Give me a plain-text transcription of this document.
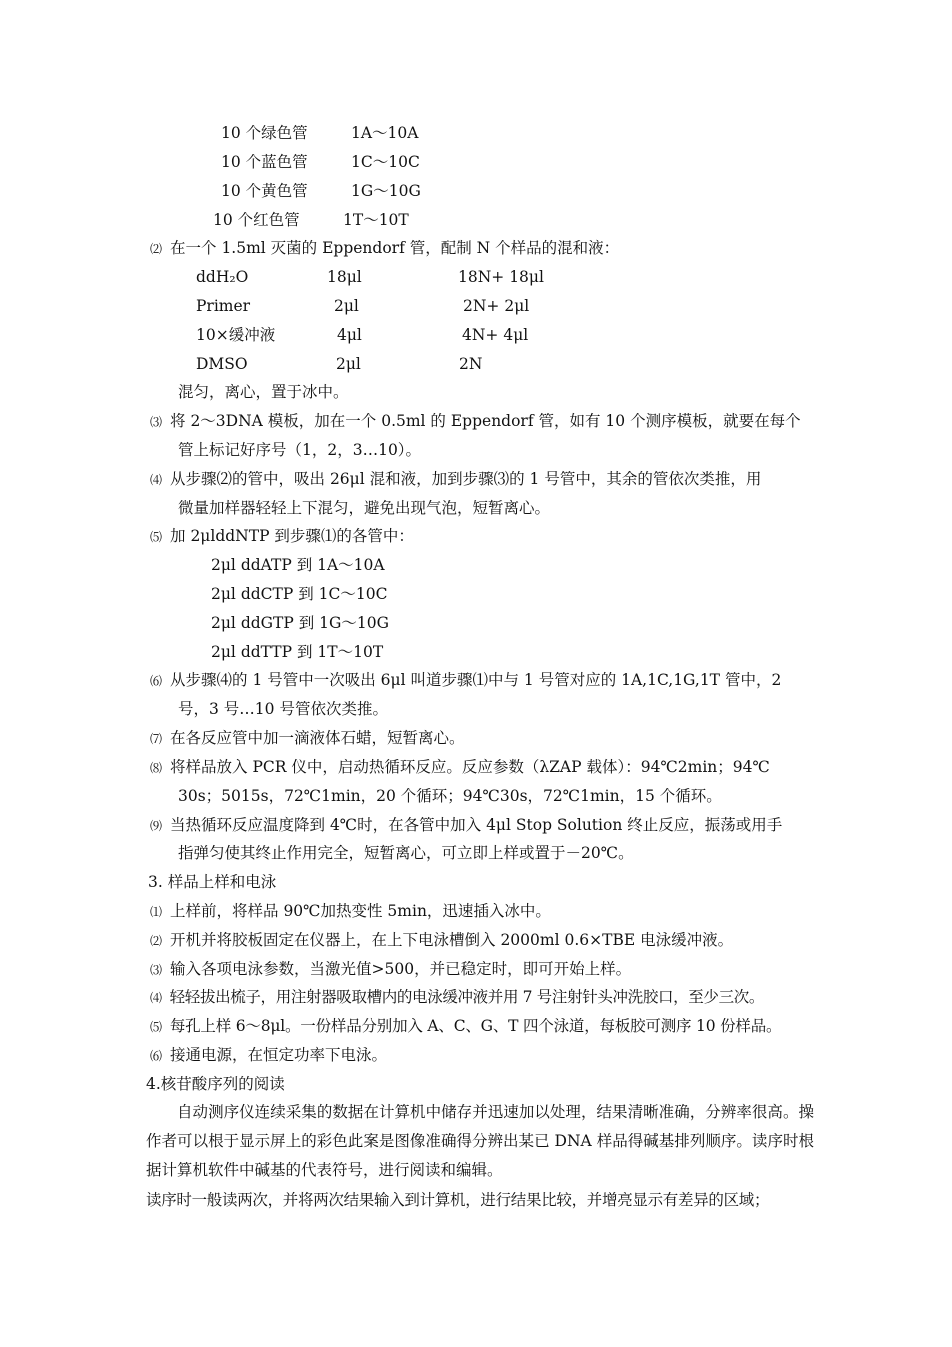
10 个绿色管	1A～10A
10 个蓝色管	1C～10C
10 个黄色管	1G～10G
10 个红色管	1T～10T
⑵ 在一个 1.5ml 灭菌的 Eppendorf 管，配制 N 个样品的混和液：
ddH₂O	18μl	18N+ 18μl
Primer	2μl	2N+ 2μl
10×缓冲液	4μl	4N+ 4μl
DMSO	2μl	2N
混匀，离心，置于冰中。
⑶ 将 2～3DNA 模板，加在一个 0.5ml 的 Eppendorf 管，如有 10 个测序模板，就要在每个
管上标记好序号（1，2，3…10）。
⑷ 从步骤⑵的管中，吸出 26μl 混和液，加到步骤⑶的 1 号管中，其余的管依次类推，用
微量加样器轻轻上下混匀，避免出现气泡，短暂离心。
⑸ 加 2μlddNTP 到步骤⑴的各管中：
2μl ddATP 到 1A～10A
2μl ddCTP 到 1C～10C
2μl ddGTP 到 1G～10G
2μl ddTTP 到 1T～10T
⑹ 从步骤⑷的 1 号管中一次吸出 6μl 叫道步骤⑴中与 1 号管对应的 1A,1C,1G,1T 管中，2
号，3 号…10 号管依次类推。
⑺ 在各反应管中加一滴液体石蜡，短暂离心。
⑻ 将样品放入 PCR 仪中，启动热循环反应。反应参数（λZAP 载体）：94℃2min；94℃
30s；5015s，72℃1min，20 个循环；94℃30s，72℃1min，15 个循环。
⑼ 当热循环反应温度降到 4℃时，在各管中加入 4μl Stop Solution 终止反应，振荡或用手
指弹匀使其终止作用完全，短暂离心，可立即上样或置于－20℃。
3. 样品上样和电泳
⑴ 上样前，将样品 90℃加热变性 5min，迅速插入冰中。
⑵ 开机并将胶板固定在仪器上，在上下电泳槽倒入 2000ml 0.6×TBE 电泳缓冲液。
⑶ 输入各项电泳参数，当激光值>500，并已稳定时，即可开始上样。
⑷ 轻轻拔出梳子，用注射器吸取槽内的电泳缓冲液并用 7 号注射针头冲洗胶口，至少三次。
⑸ 每孔上样 6～8μl。一份样品分别加入 A、C、G、T 四个泳道，每板胶可测序 10 份样品。
⑹ 接通电源，在恒定功率下电泳。
4.核苷酸序列的阅读
自动测序仪连续采集的数据在计算机中储存并迅速加以处理，结果清晰准确，分辨率很高。操作者可以根于显示屏上的彩色此案是图像准确得分辨出某已 DNA 样品得碱基排列顺序。读序时根据计算机软件中碱基的代表符号，进行阅读和编辑。
读序时一般读两次，并将两次结果输入到计算机，进行结果比较，并增亮显示有差异的区域；
